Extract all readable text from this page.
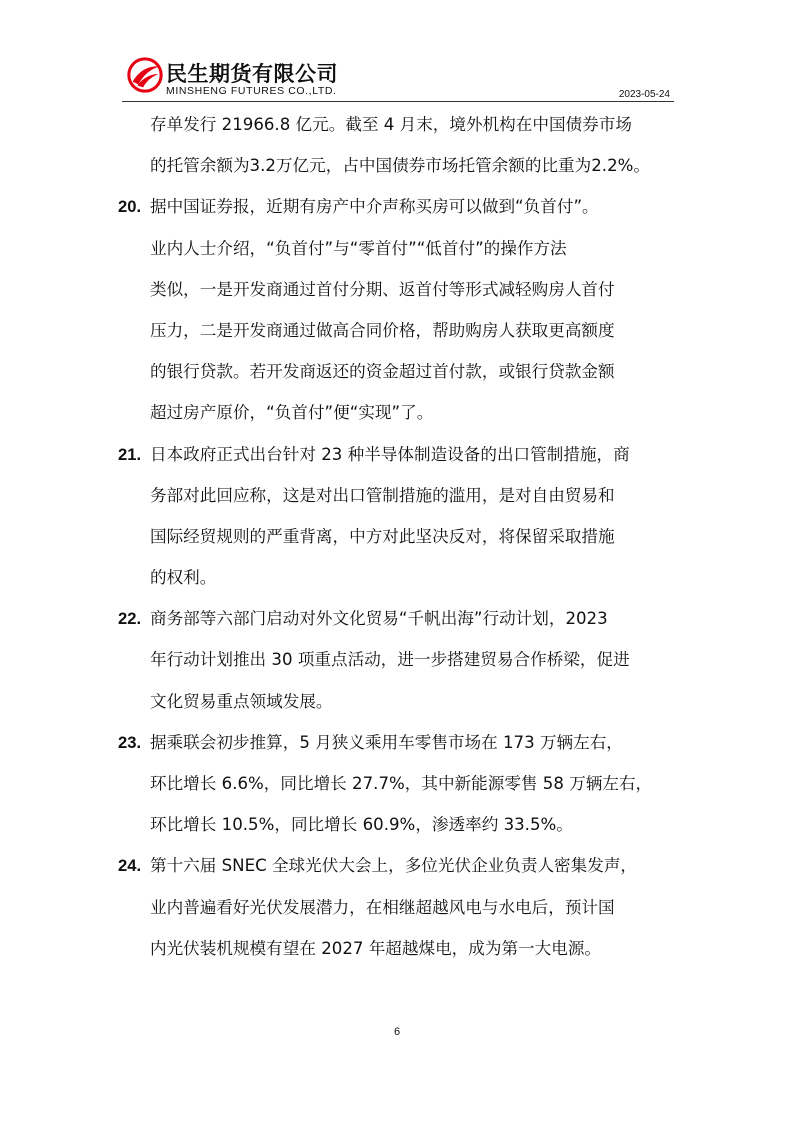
民生期货有限公司
MINSHENG FUTURES CO.,LTD.	2023-05-24
存单发行 21966.8 亿元。截至 4 月末，境外机构在中国债券市场
的托管余额为3.2万亿元，占中国债券市场托管余额的比重为2.2%。
20. 据中国证券报，近期有房产中介声称买房可以做到“负首付”。
业内人士介绍，“负首付”与“零首付”“低首付”的操作方法
类似，一是开发商通过首付分期、返首付等形式减轻购房人首付
压力，二是开发商通过做高合同价格，帮助购房人获取更高额度
的银行贷款。若开发商返还的资金超过首付款，或银行贷款金额
超过房产原价，“负首付”便“实现”了。
21. 日本政府正式出台针对 23 种半导体制造设备的出口管制措施，商
务部对此回应称，这是对出口管制措施的滥用，是对自由贸易和
国际经贸规则的严重背离，中方对此坚决反对，将保留采取措施
的权利。
22. 商务部等六部门启动对外文化贸易“千帆出海”行动计划，2023
年行动计划推出 30 项重点活动，进一步搭建贸易合作桥梁，促进
文化贸易重点领域发展。
23. 据乘联会初步推算，5 月狭义乘用车零售市场在 173 万辆左右，
环比增长 6.6%，同比增长 27.7%，其中新能源零售 58 万辆左右，
环比增长 10.5%，同比增长 60.9%，渗透率约 33.5%。
24. 第十六届 SNEC 全球光伏大会上，多位光伏企业负责人密集发声，
业内普遍看好光伏发展潜力，在相继超越风电与水电后，预计国
内光伏装机规模有望在 2027 年超越煤电，成为第一大电源。
6
